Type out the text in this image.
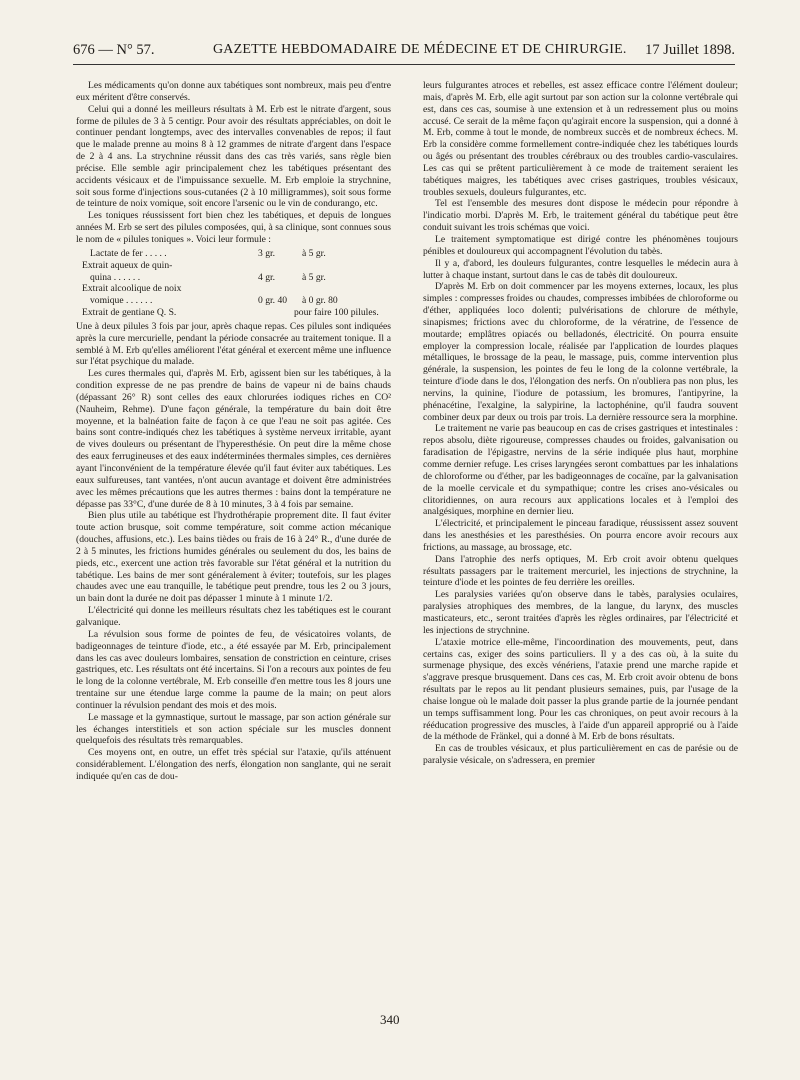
676 — N° 57.	GAZETTE HEBDOMADAIRE DE MÉDECINE ET DE CHIRURGIE. 17 Juillet 1898.

Les médicaments qu'on donne aux tabétiques sont nombreux, mais peu d'entre eux méritent d'être conservés.

Celui qui a donné les meilleurs résultats à M. Erb est le nitrate d'argent, sous forme de pilules de 3 à 5 centigr. Pour avoir des résultats appréciables, on doit le continuer pendant longtemps, avec des intervalles convenables de repos; il faut que le malade prenne au moins 8 à 12 grammes de nitrate d'argent dans l'espace de 2 à 4 ans. La strychnine réussit dans des cas très variés, sans règle bien précise. Elle semble agir principalement chez les tabétiques présentant des accidents vésicaux et de l'impuissance sexuelle. M. Erb emploie la strychnine, soit sous forme d'injections sous-cutanées (2 à 10 milligrammes), soit sous forme de teinture de noix vomique, soit encore l'arsenic ou le vin de condurango, etc.

Les toniques réussissent fort bien chez les tabétiques, et depuis de longues années M. Erb se sert des pilules composées, qui, à sa clinique, sont connues sous le nom de « pilules toniques ». Voici leur formule :

Lactate de fer . . . . .	3 gr.	à 5 gr.
Extrait aqueux de quin-
quina . . . . . .	4 gr.	à 5 gr.
Extrait alcoolique de noix
vomique . . . . . .	0 gr. 40	à 0 gr. 80
Extrait de gentiane Q. S.	pour faire 100 pilules.

Une à deux pilules 3 fois par jour, après chaque repas. Ces pilules sont indiquées après la cure mercurielle, pendant la période consacrée au traitement tonique. Il a semblé à M. Erb qu'elles améliorent l'état général et exercent même une influence sur l'état psychique du malade.

Les cures thermales qui, d'après M. Erb, agissent bien sur les tabétiques, à la condition expresse de ne pas prendre de bains de vapeur ni de bains chauds (dépassant 26° R) sont celles des eaux chlorurées iodiques riches en CO² (Nauheim, Rehme). D'une façon générale, la température du bain doit être moyenne, et la balnéation faite de façon à ce que l'eau ne soit pas agitée. Ces bains sont contre-indiqués chez les tabétiques à système nerveux irritable, ayant de vives douleurs ou présentant de l'hyperesthésie. On peut dire la même chose des eaux ferrugineuses et des eaux indéterminées thermales simples, ces dernières ayant l'inconvénient de la température élevée qu'il faut éviter aux tabétiques. Les eaux sulfureuses, tant vantées, n'ont aucun avantage et doivent être administrées avec les mêmes précautions que les autres thermes : bains dont la température ne dépasse pas 33°C, d'une durée de 8 à 10 minutes, 3 à 4 fois par semaine.

Bien plus utile au tabétique est l'hydrothérapie proprement dite. Il faut éviter toute action brusque, soit comme température, soit comme action mécanique (douches, affusions, etc.). Les bains tièdes ou frais de 16 à 24° R., d'une durée de 2 à 5 minutes, les frictions humides générales ou seulement du dos, les bains de pieds, etc., exercent une action très favorable sur l'état général et la nutrition du tabétique. Les bains de mer sont généralement à éviter; toutefois, sur les plages chaudes avec une eau tranquille, le tabétique peut prendre, tous les 2 ou 3 jours, un bain dont la durée ne doit pas dépasser 1 minute à 1 minute 1/2.

L'électricité qui donne les meilleurs résultats chez les tabétiques est le courant galvanique.

La révulsion sous forme de pointes de feu, de vésicatoires volants, de badigeonnages de teinture d'iode, etc., a été essayée par M. Erb, principalement dans les cas avec douleurs lombaires, sensation de constriction en ceinture, crises gastriques, etc. Les résultats ont été incertains. Si l'on a recours aux pointes de feu le long de la colonne vertébrale, M. Erb conseille d'en mettre tous les 8 jours une trentaine sur une étendue large comme la paume de la main; on peut alors continuer la révulsion pendant des mois et des mois.

Le massage et la gymnastique, surtout le massage, par son action générale sur les échanges interstitiels et son action spéciale sur les muscles donnent quelquefois des résultats très remarquables.

Ces moyens ont, en outre, un effet très spécial sur l'ataxie, qu'ils atténuent considérablement. L'élongation des nerfs, élongation non sanglante, qui ne serait indiquée qu'en cas de dou-

leurs fulgurantes atroces et rebelles, est assez efficace contre l'élément douleur; mais, d'après M. Erb, elle agit surtout par son action sur la colonne vertébrale qui est, dans ces cas, soumise à une extension et à un redressement plus ou moins accusé. Ce serait de la même façon qu'agirait encore la suspension, qui a donné à M. Erb, comme à tout le monde, de nombreux succès et de nombreux échecs. M. Erb la considère comme formellement contre-indiquée chez les tabétiques lourds ou âgés ou présentant des troubles cérébraux ou des troubles cardio-vasculaires. Les cas qui se prêtent particulièrement à ce mode de traitement seraient les tabétiques maigres, les tabétiques avec crises gastriques, troubles vésicaux, troubles sexuels, douleurs fulgurantes, etc.

Tel est l'ensemble des mesures dont dispose le médecin pour répondre à l'indicatio morbi. D'après M. Erb, le traitement général du tabétique peut être conduit suivant les trois schémas que voici.

Le traitement symptomatique est dirigé contre les phénomènes toujours pénibles et douloureux qui accompagnent l'évolution du tabès.

Il y a, d'abord, les douleurs fulgurantes, contre lesquelles le médecin aura à lutter à chaque instant, surtout dans le cas de tabès dit douloureux.

D'après M. Erb on doit commencer par les moyens externes, locaux, les plus simples : compresses froides ou chaudes, compresses imbibées de chloroforme ou d'éther, appliquées loco dolenti; pulvérisations de chlorure de méthyle, sinapismes; frictions avec du chloroforme, de la vératrine, de l'essence de moutarde; emplâtres opiacés ou belladonés, électricité. On pourra ensuite employer la compression locale, réalisée par l'application de lourdes plaques métalliques, le brossage de la peau, le massage, puis, comme intervention plus générale, la suspension, les pointes de feu le long de la colonne vertébrale, la teinture d'iode dans le dos, l'élongation des nerfs. On n'oubliera pas non plus, les nervins, la quinine, l'iodure de potassium, les bromures, l'antipyrine, la phénacétine, l'exalgine, la salypirine, la lactophénine, qu'il faudra souvent combiner deux par deux ou trois par trois. La dernière ressource sera la morphine.

Le traitement ne varie pas beaucoup en cas de crises gastriques et intestinales : repos absolu, diète rigoureuse, compresses chaudes ou froides, galvanisation ou faradisation de l'épigastre, nervins de la série indiquée plus haut, morphine comme dernier refuge. Les crises laryngées seront combattues par les inhalations de chloroforme ou d'éther, par les badigeonnages de cocaïne, par la galvanisation de la moelle cervicale et du sympathique; contre les crises ano-vésicales ou clitoridiennes, on aura recours aux applications locales et à l'emploi des analgésiques, morphine en dernier lieu.

L'électricité, et principalement le pinceau faradique, réussissent assez souvent dans les anesthésies et les paresthésies. On pourra encore avoir recours aux frictions, au massage, au brossage, etc.

Dans l'atrophie des nerfs optiques, M. Erb croit avoir obtenu quelques résultats passagers par le traitement mercuriel, les injections de strychnine, la teinture d'iode et les pointes de feu derrière les oreilles.

Les paralysies variées qu'on observe dans le tabès, paralysies oculaires, paralysies atrophiques des membres, de la langue, du larynx, des muscles masticateurs, etc., seront traitées d'après les règles ordinaires, par l'électricité et les injections de strychnine.

L'ataxie motrice elle-même, l'incoordination des mouvements, peut, dans certains cas, exiger des soins particuliers. Il y a des cas où, à la suite du surmenage physique, des excès vénériens, l'ataxie prend une marche rapide et s'aggrave presque brusquement. Dans ces cas, M. Erb croit avoir obtenu de bons résultats par le repos au lit pendant plusieurs semaines, puis, par l'usage de la chaise longue où le malade doit passer la plus grande partie de la journée pendant un temps suffisamment long. Pour les cas chroniques, on peut avoir recours à la rééducation progressive des muscles, à l'aide d'un appareil approprié ou à l'aide de la méthode de Fränkel, qui a donné à M. Erb de bons résultats.

En cas de troubles vésicaux, et plus particulièrement en cas de parésie ou de paralysie vésicale, on s'adressera, en premier

340
